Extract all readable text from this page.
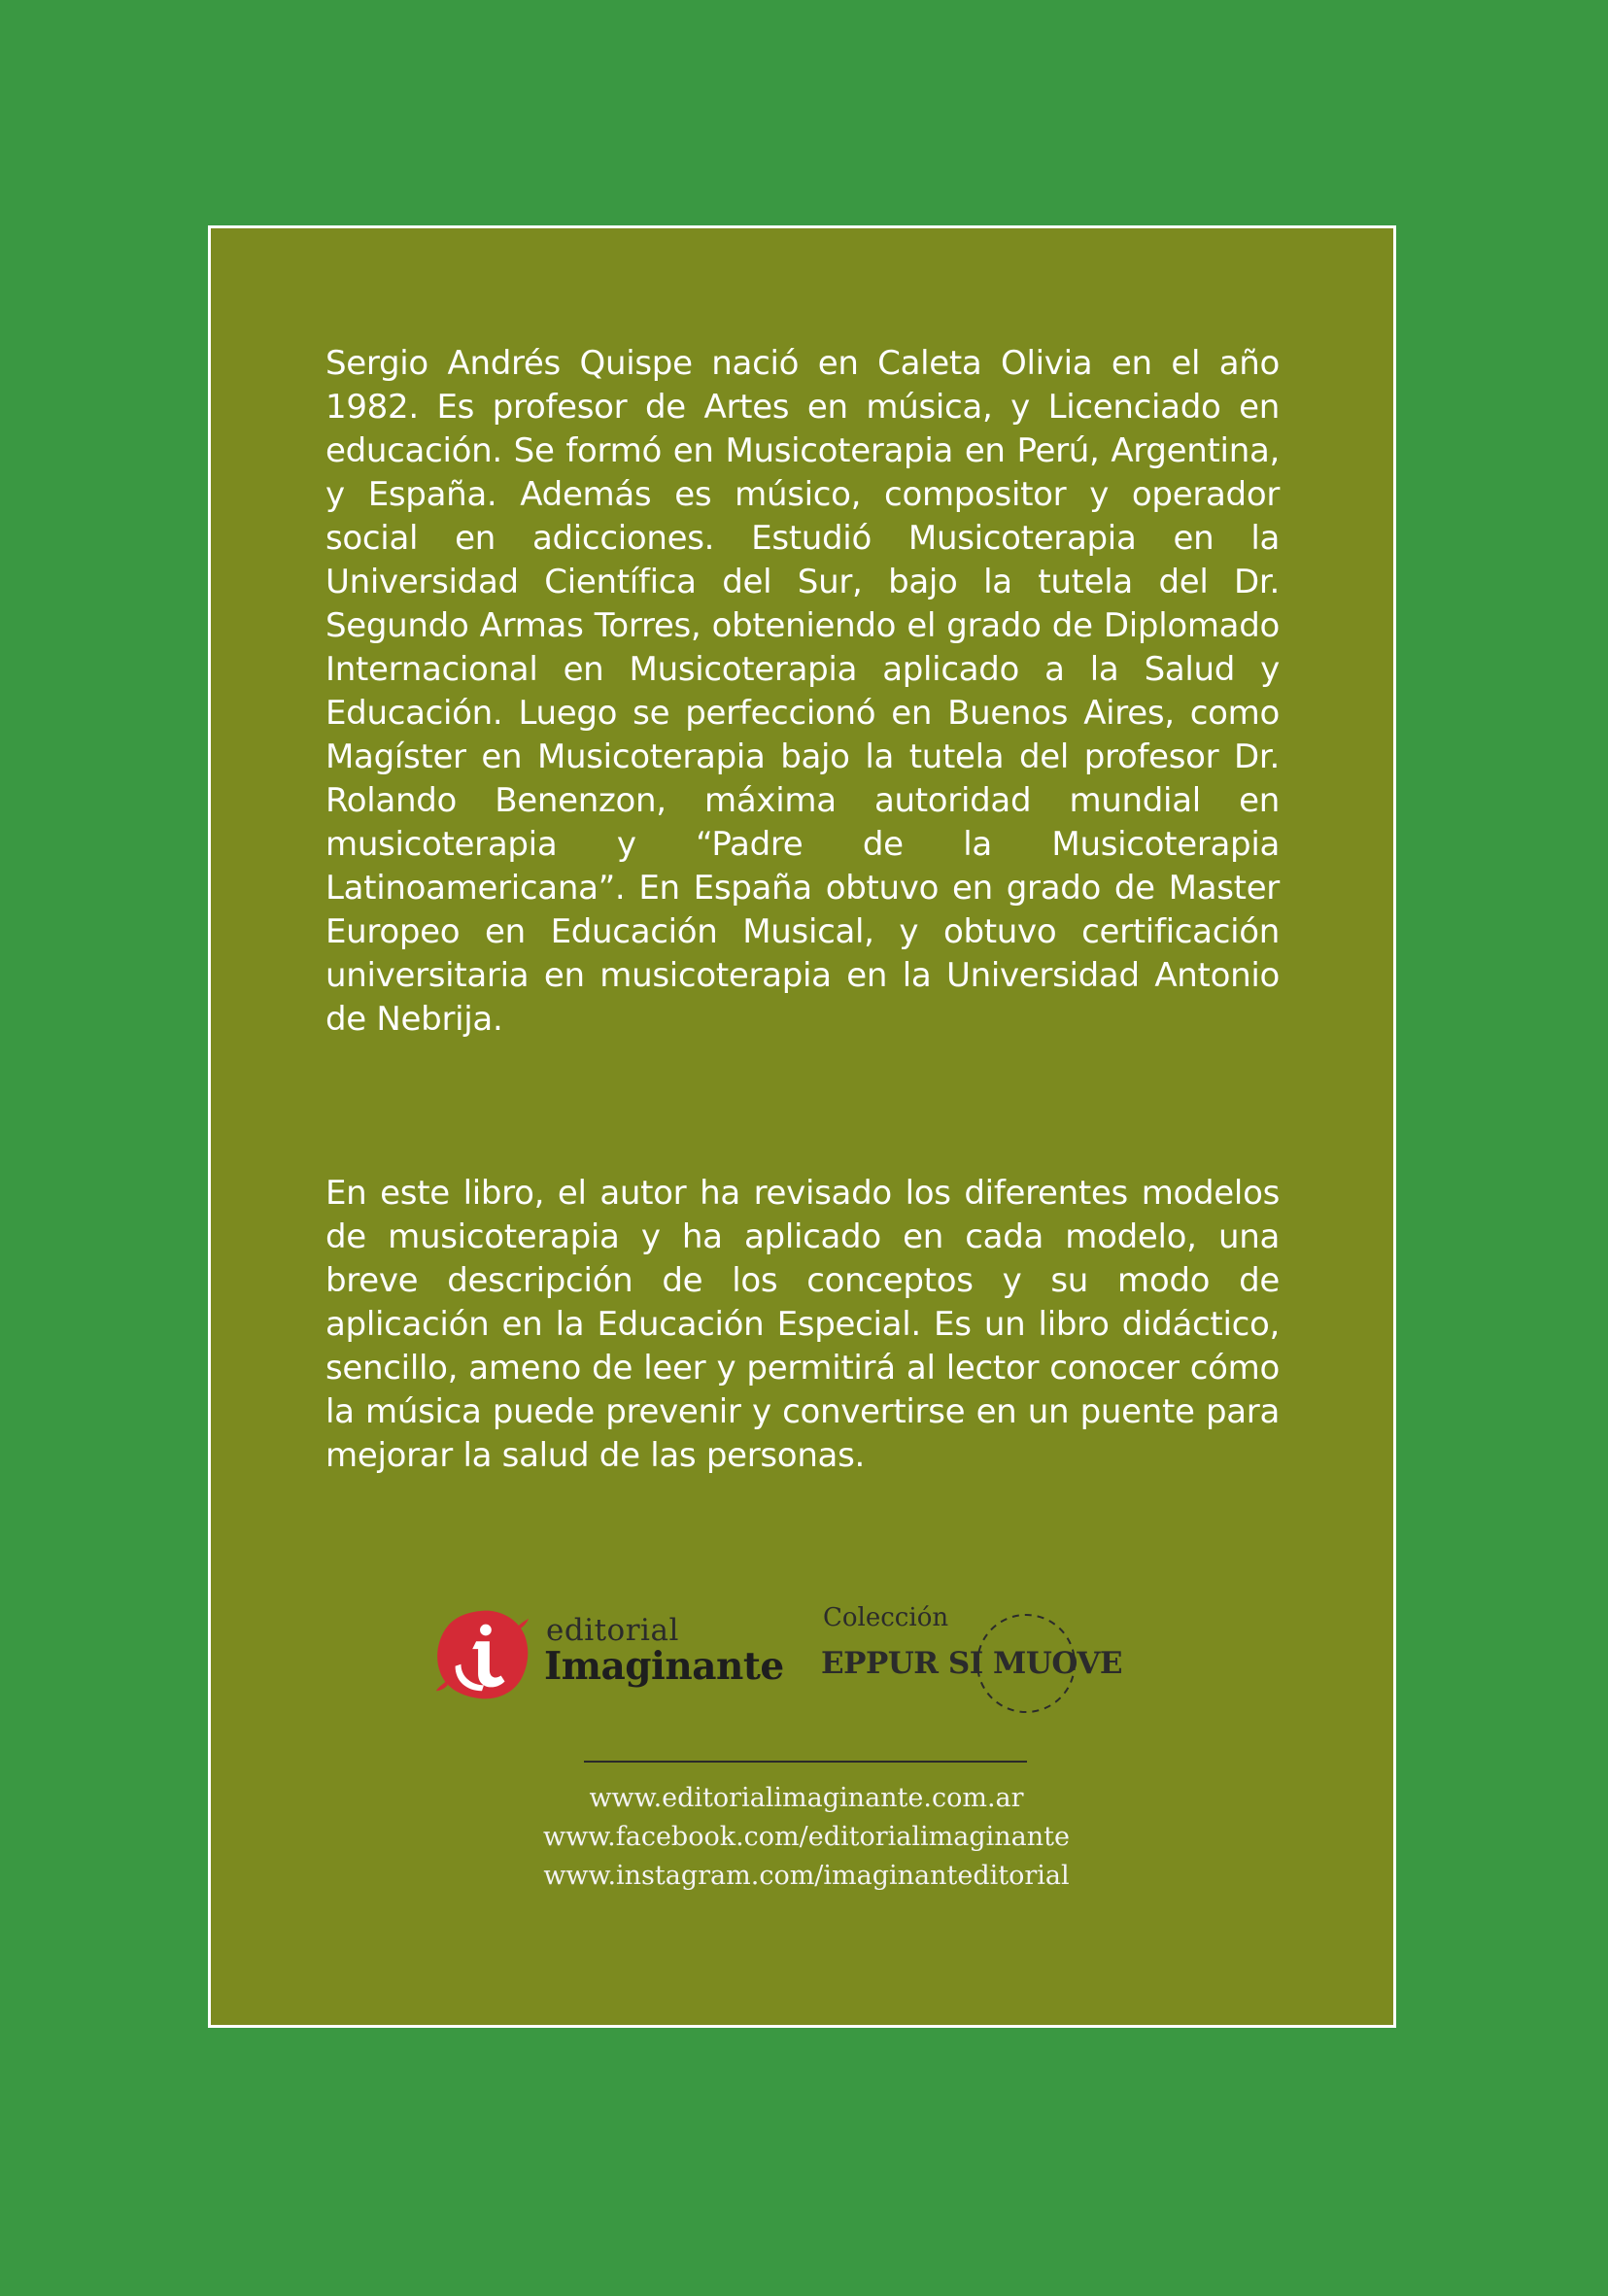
Sergio Andrés Quispe nació en Caleta Olivia en el año 1982. Es profesor de Artes en música, y Licenciado en educación. Se formó en Musicoterapia en Perú, Argentina, y España. Además es músico, compositor y operador social en adicciones. Estudió Musicoterapia en la Universidad Científica del Sur, bajo la tutela del Dr. Segundo Armas Torres, obteniendo el grado de Diplomado Internacional en Musicoterapia aplicado a la Salud y Educación. Luego se perfeccionó en Buenos Aires, como Magíster en Musicoterapia bajo la tutela del profesor Dr. Rolando Benenzon, máxima autoridad mundial en musicoterapia y “Padre de la Musicoterapia Latinoamericana”. En España obtuvo en grado de Master Europeo en Educación Musical, y obtuvo certificación universitaria en musicoterapia en la Universidad Antonio de Nebrija.

En este libro, el autor ha revisado los diferentes modelos de musicoterapia y ha aplicado en cada modelo, una breve descripción de los conceptos y su modo de aplicación en la Educación Especial. Es un libro didáctico, sencillo, ameno de leer y permitirá al lector conocer cómo la música puede prevenir y convertirse en un puente para mejorar la salud de las personas.

editorial
Imaginante
Colección
EPPUR SI MUOVE
www.editorialimaginante.com.ar
www.facebook.com/editorialimaginante
www.instagram.com/imaginanteditorial
